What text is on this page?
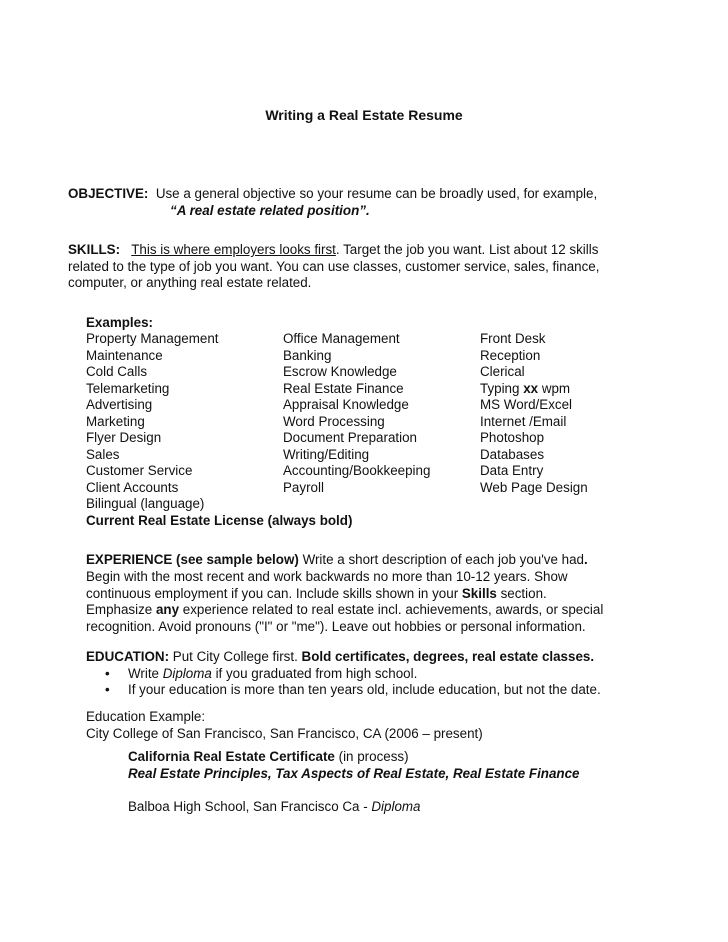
Writing a Real Estate Resume
OBJECTIVE: Use a general objective so your resume can be broadly used, for example,
“A real estate related position”.
SKILLS: This is where employers looks first. Target the job you want. List about 12 skills
related to the type of job you want. You can use classes, customer service, sales, finance,
computer, or anything real estate related.
Examples:
Property Management
Maintenance
Cold Calls
Telemarketing
Advertising
Marketing
Flyer Design
Sales
Customer Service
Client Accounts
Bilingual (language)
Office Management
Banking
Escrow Knowledge
Real Estate Finance
Appraisal Knowledge
Word Processing
Document Preparation
Writing/Editing
Accounting/Bookkeeping
Payroll
Front Desk
Reception
Clerical
Typing xx wpm
MS Word/Excel
Internet /Email
Photoshop
Databases
Data Entry
Web Page Design
Current Real Estate License (always bold)
EXPERIENCE (see sample below) Write a short description of each job you've had.
Begin with the most recent and work backwards no more than 10-12 years. Show
continuous employment if you can. Include skills shown in your Skills section.
Emphasize any experience related to real estate incl. achievements, awards, or special
recognition. Avoid pronouns ("I" or "me"). Leave out hobbies or personal information.
EDUCATION: Put City College first. Bold certificates, degrees, real estate classes.
• Write Diploma if you graduated from high school.
• If your education is more than ten years old, include education, but not the date.
Education Example:
City College of San Francisco, San Francisco, CA (2006 – present)
California Real Estate Certificate (in process)
Real Estate Principles, Tax Aspects of Real Estate, Real Estate Finance
Balboa High School, San Francisco Ca - Diploma
